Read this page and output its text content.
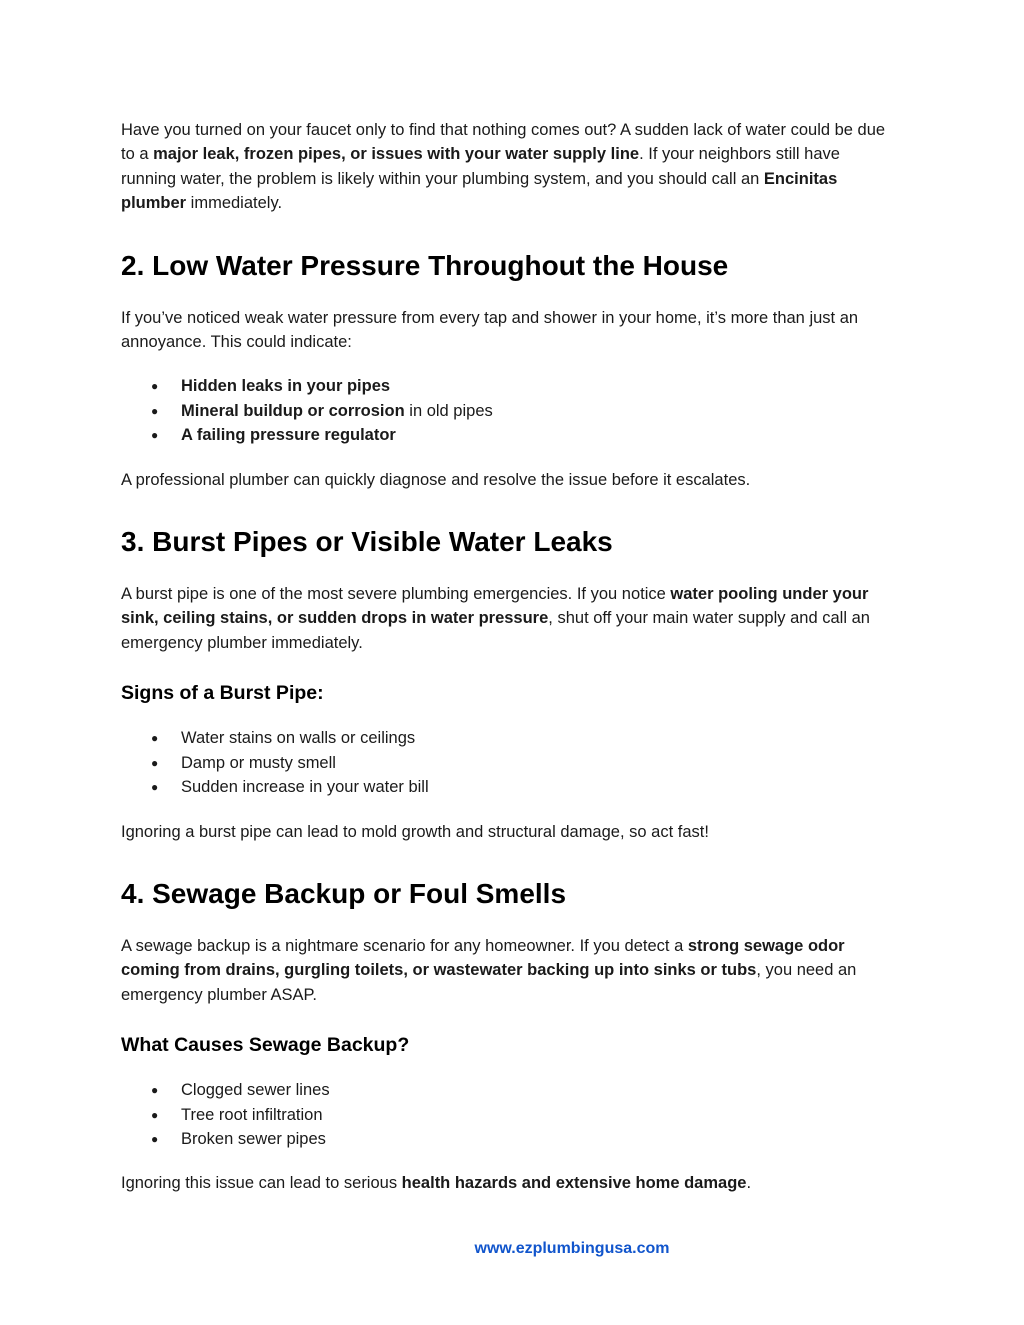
Have you turned on your faucet only to find that nothing comes out? A sudden lack of water could be due to a major leak, frozen pipes, or issues with your water supply line. If your neighbors still have running water, the problem is likely within your plumbing system, and you should call an Encinitas plumber immediately.

2. Low Water Pressure Throughout the House

If you’ve noticed weak water pressure from every tap and shower in your home, it’s more than just an annoyance. This could indicate:

● Hidden leaks in your pipes
● Mineral buildup or corrosion in old pipes
● A failing pressure regulator

A professional plumber can quickly diagnose and resolve the issue before it escalates.

3. Burst Pipes or Visible Water Leaks

A burst pipe is one of the most severe plumbing emergencies. If you notice water pooling under your sink, ceiling stains, or sudden drops in water pressure, shut off your main water supply and call an emergency plumber immediately.

Signs of a Burst Pipe:
● Water stains on walls or ceilings
● Damp or musty smell
● Sudden increase in your water bill

Ignoring a burst pipe can lead to mold growth and structural damage, so act fast!

4. Sewage Backup or Foul Smells

A sewage backup is a nightmare scenario for any homeowner. If you detect a strong sewage odor coming from drains, gurgling toilets, or wastewater backing up into sinks or tubs, you need an emergency plumber ASAP.

What Causes Sewage Backup?
● Clogged sewer lines
● Tree root infiltration
● Broken sewer pipes

Ignoring this issue can lead to serious health hazards and extensive home damage.

www.ezplumbingusa.com
